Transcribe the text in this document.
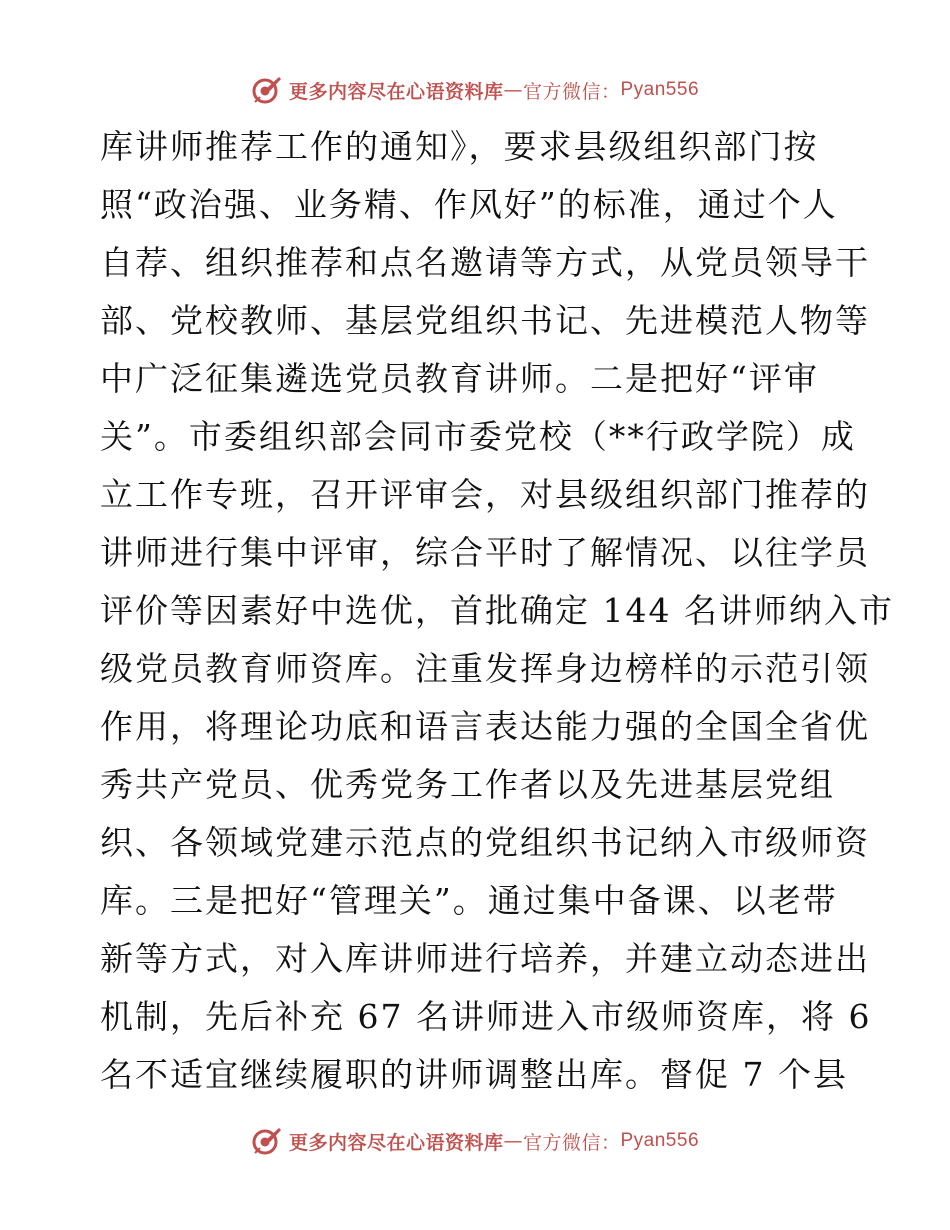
更多内容尽在心语资料库 — 官方微信： Pyan556
库讲师推荐工作的通知》，要求县级组织部门按
照“政治强、业务精、作风好”的标准，通过个人
自荐、组织推荐和点名邀请等方式，从党员领导干
部、党校教师、基层党组织书记、先进模范人物等
中广泛征集遴选党员教育讲师。二是把好“评审
关”。市委组织部会同市委党校（**行政学院）成
立工作专班，召开评审会，对县级组织部门推荐的
讲师进行集中评审，综合平时了解情况、以往学员
评价等因素好中选优，首批确定 144 名讲师纳入市
级党员教育师资库。注重发挥身边榜样的示范引领
作用，将理论功底和语言表达能力强的全国全省优
秀共产党员、优秀党务工作者以及先进基层党组
织、各领域党建示范点的党组织书记纳入市级师资
库。三是把好“管理关”。通过集中备课、以老带
新等方式，对入库讲师进行培养，并建立动态进出
机制，先后补充 67 名讲师进入市级师资库，将 6
名不适宜继续履职的讲师调整出库。督促 7 个县
更多内容尽在心语资料库 — 官方微信： Pyan556
